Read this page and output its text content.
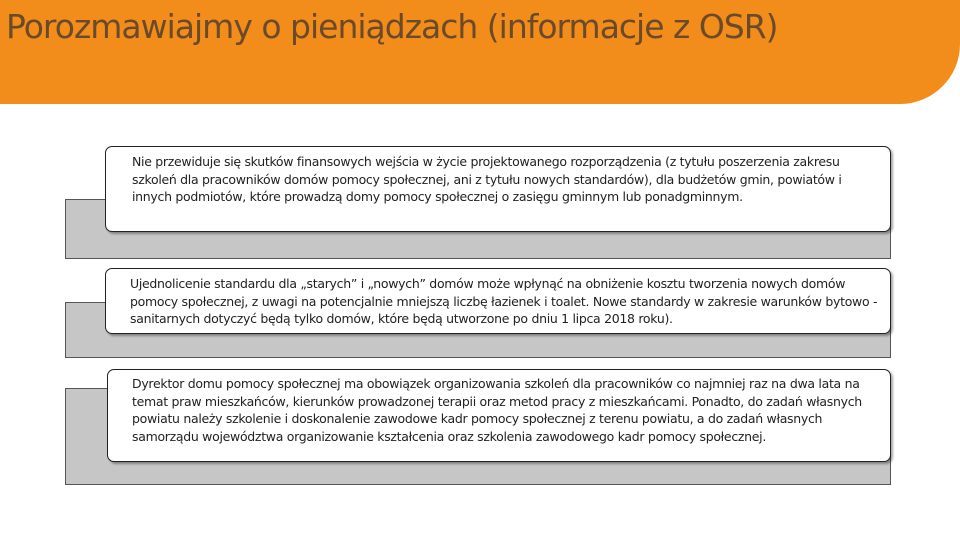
Porozmawiajmy o pieniądzach (informacje z OSR)

Nie przewiduje się skutków finansowych wejścia w życie projektowanego rozporządzenia (z tytułu poszerzenia zakresu szkoleń dla pracowników domów pomocy społecznej, ani z tytułu nowych standardów), dla budżetów gmin, powiatów i innych podmiotów, które prowadzą domy pomocy społecznej o zasięgu gminnym lub ponadgminnym.

Ujednolicenie standardu dla „starych” i „nowych” domów może wpłynąć na obniżenie kosztu tworzenia nowych domów pomocy społecznej, z uwagi na potencjalnie mniejszą liczbę łazienek i toalet. Nowe standardy w zakresie warunków bytowo - sanitarnych dotyczyć będą tylko domów, które będą utworzone po dniu 1 lipca 2018 roku).

Dyrektor domu pomocy społecznej ma obowiązek organizowania szkoleń dla pracowników co najmniej raz na dwa lata na temat praw mieszkańców, kierunków prowadzonej terapii oraz metod pracy z mieszkańcami. Ponadto, do zadań własnych powiatu należy szkolenie i doskonalenie zawodowe kadr pomocy społecznej z terenu powiatu, a do zadań własnych samorządu województwa organizowanie kształcenia oraz szkolenia zawodowego kadr pomocy społecznej.
